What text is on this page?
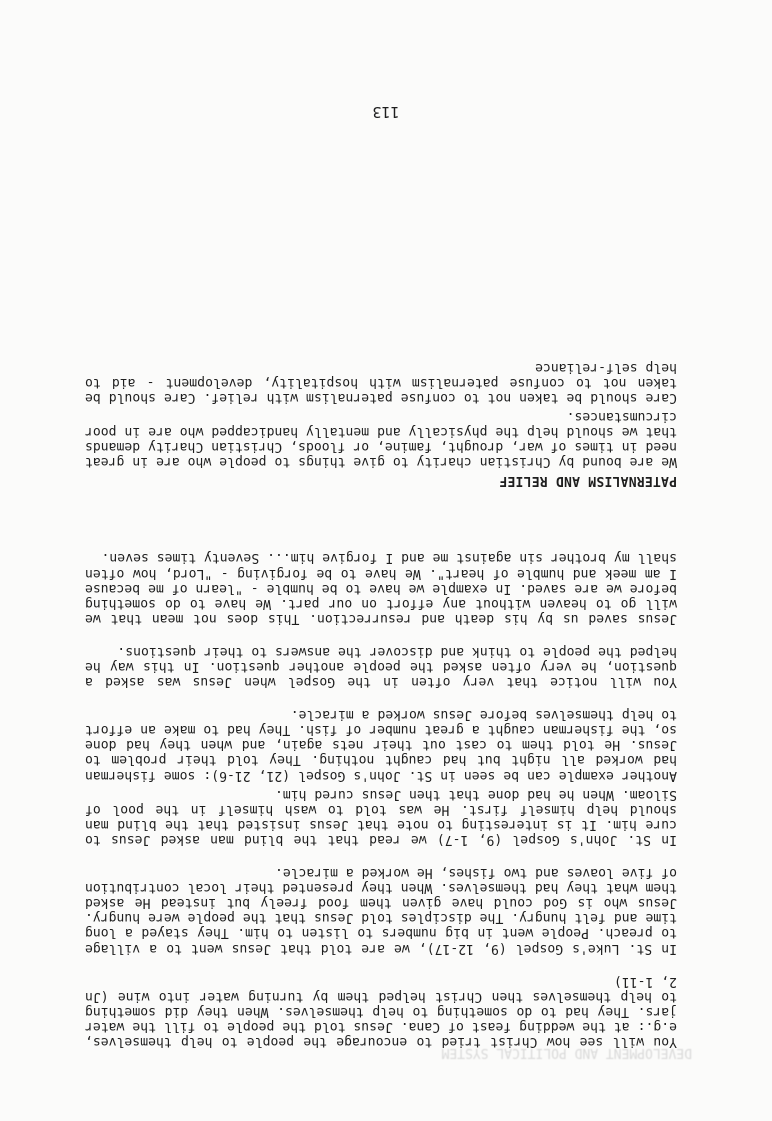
DEVELOPMENT AND POLITICAL SYSTEM

You will see how Christ tried to encourage the people to help themselves, e.g.: at the wedding feast of Cana. Jesus told the people to fill the water jars. They had to do something to help themselves. When they did something to help themselves then Christ helped them by turning water into wine (Jn 2, 1-11)

In St. Luke's Gospel (9, 12-17), we are told that Jesus went to a village to preach. People went in big numbers to listen to him. They stayed a long time and felt hungry. The disciples told Jesus that the people were hungry. Jesus who is God could have given them food freely but instead He asked them what they had themselves. When they presented their local contribution of five loaves and two fishes, He worked a miracle.

In St. John's Gospel (9, 1-7) we read that the blind man asked Jesus to cure him. It is interesting to note that Jesus insisted that the blind man should help himself first. He was told to wash himself in the pool of Siloam. When he had done that then Jesus cured him.

Another example can be seen in St. John's Gospel (21, 21-6): some fisherman had worked all night but had caught nothing. They told their problem to Jesus. He told them to cast out their nets again, and when they had done so, the fisherman caught a great number of fish. They had to make an effort to help themselves before Jesus worked a miracle.

You will notice that very often in the Gospel when Jesus was asked a question, he very often asked the people another question. In this way he helped the people to think and discover the answers to their questions.

Jesus saved us by his death and resurrection. This does not mean that we will go to heaven without any effort on our part. We have to do something before we are saved. In example we have to be humble - "learn of me because I am meek and humble of heart". We have to be forgiving - "Lord, how often shall my brother sin against me and I forgive him... Seventy times seven.

PATERNALISM AND RELIEF

We are bound by Christian charity to give things to people who are in great need in times of war, drought, famine, or floods, Christian Charity demands that we should help the physically and mentally handicapped who are in poor circumstances.

Care should be taken not to confuse paternalism with relief. Care should be taken not to confuse paternalism with hospitality, development - aid to help self-reliance

113
